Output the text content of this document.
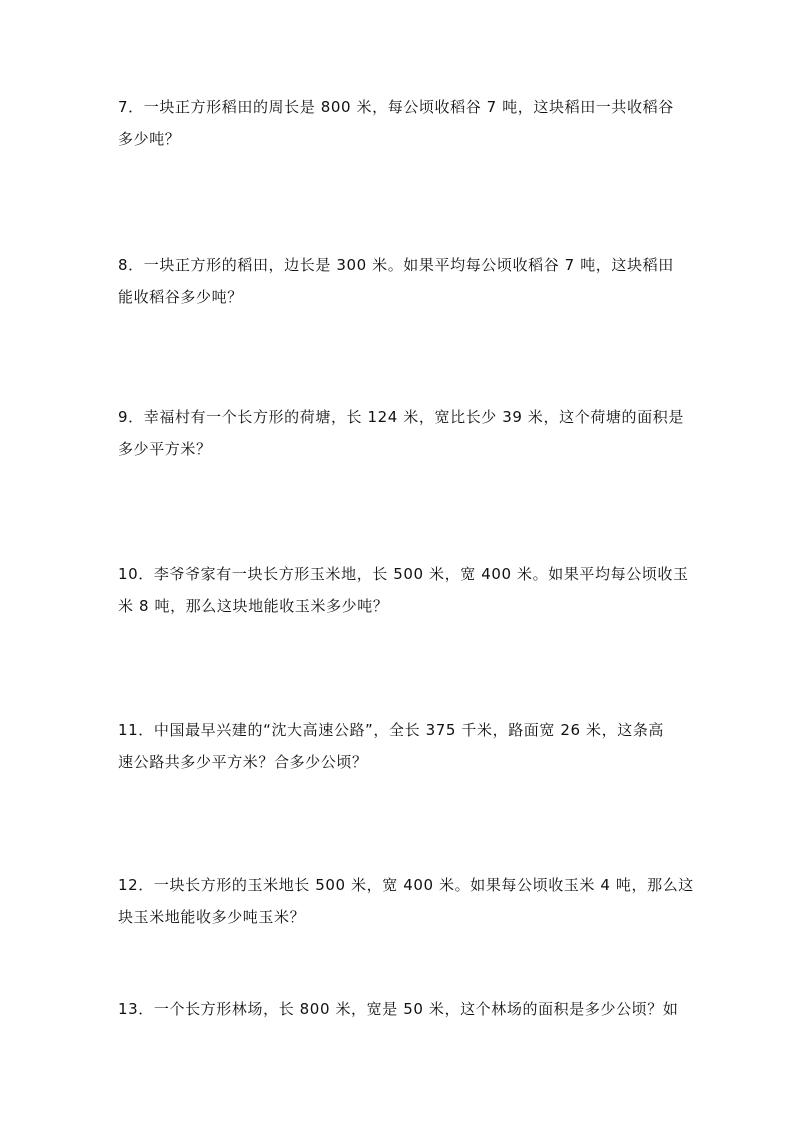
7．一块正方形稻田的周长是 800 米，每公顷收稻谷 7 吨，这块稻田一共收稻谷
多少吨？
8．一块正方形的稻田，边长是 300 米。如果平均每公顷收稻谷 7 吨，这块稻田
能收稻谷多少吨？
9．幸福村有一个长方形的荷塘，长 124 米，宽比长少 39 米，这个荷塘的面积是
多少平方米？
10．李爷爷家有一块长方形玉米地，长 500 米，宽 400 米。如果平均每公顷收玉
米 8 吨，那么这块地能收玉米多少吨？
11．中国最早兴建的“沈大高速公路”，全长 375 千米，路面宽 26 米，这条高
速公路共多少平方米？合多少公顷？
12．一块长方形的玉米地长 500 米，宽 400 米。如果每公顷收玉米 4 吨，那么这
块玉米地能收多少吨玉米？
13．一个长方形林场，长 800 米，宽是 50 米，这个林场的面积是多少公顷？如
